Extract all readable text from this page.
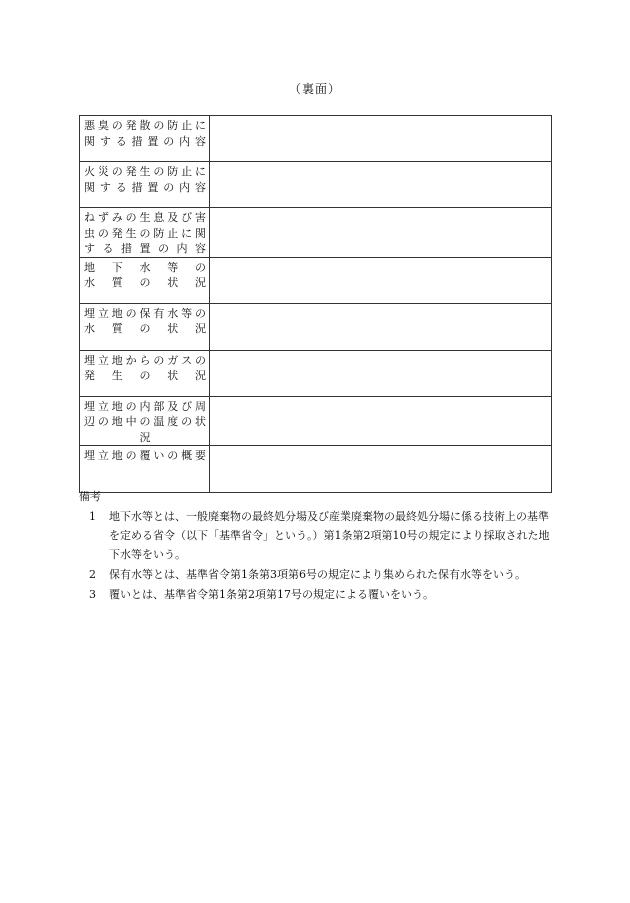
（裏面）
悪臭の発散の防止に
関する措置の内容	

火災の発生の防止に
関する措置の内容	

ねずみの生息及び害
虫の発生の防止に関
する措置の内容	

地下水等の
水質の状況	

埋立地の保有水等の
水質の状況	

埋立地からのガスの
発生の状況	

埋立地の内部及び周
辺の地中の温度の状
況	

埋立地の覆いの概要	

備考
1 地下水等とは、一般廃棄物の最終処分場及び産業廃棄物の最終処分場に係る技術上の基準を定める省令（以下「基準省令」という。）第1条第2項第10号の規定により採取された地下水等をいう。
2 保有水等とは、基準省令第1条第3項第6号の規定により集められた保有水等をいう。
3 覆いとは、基準省令第1条第2項第17号の規定による覆いをいう。
